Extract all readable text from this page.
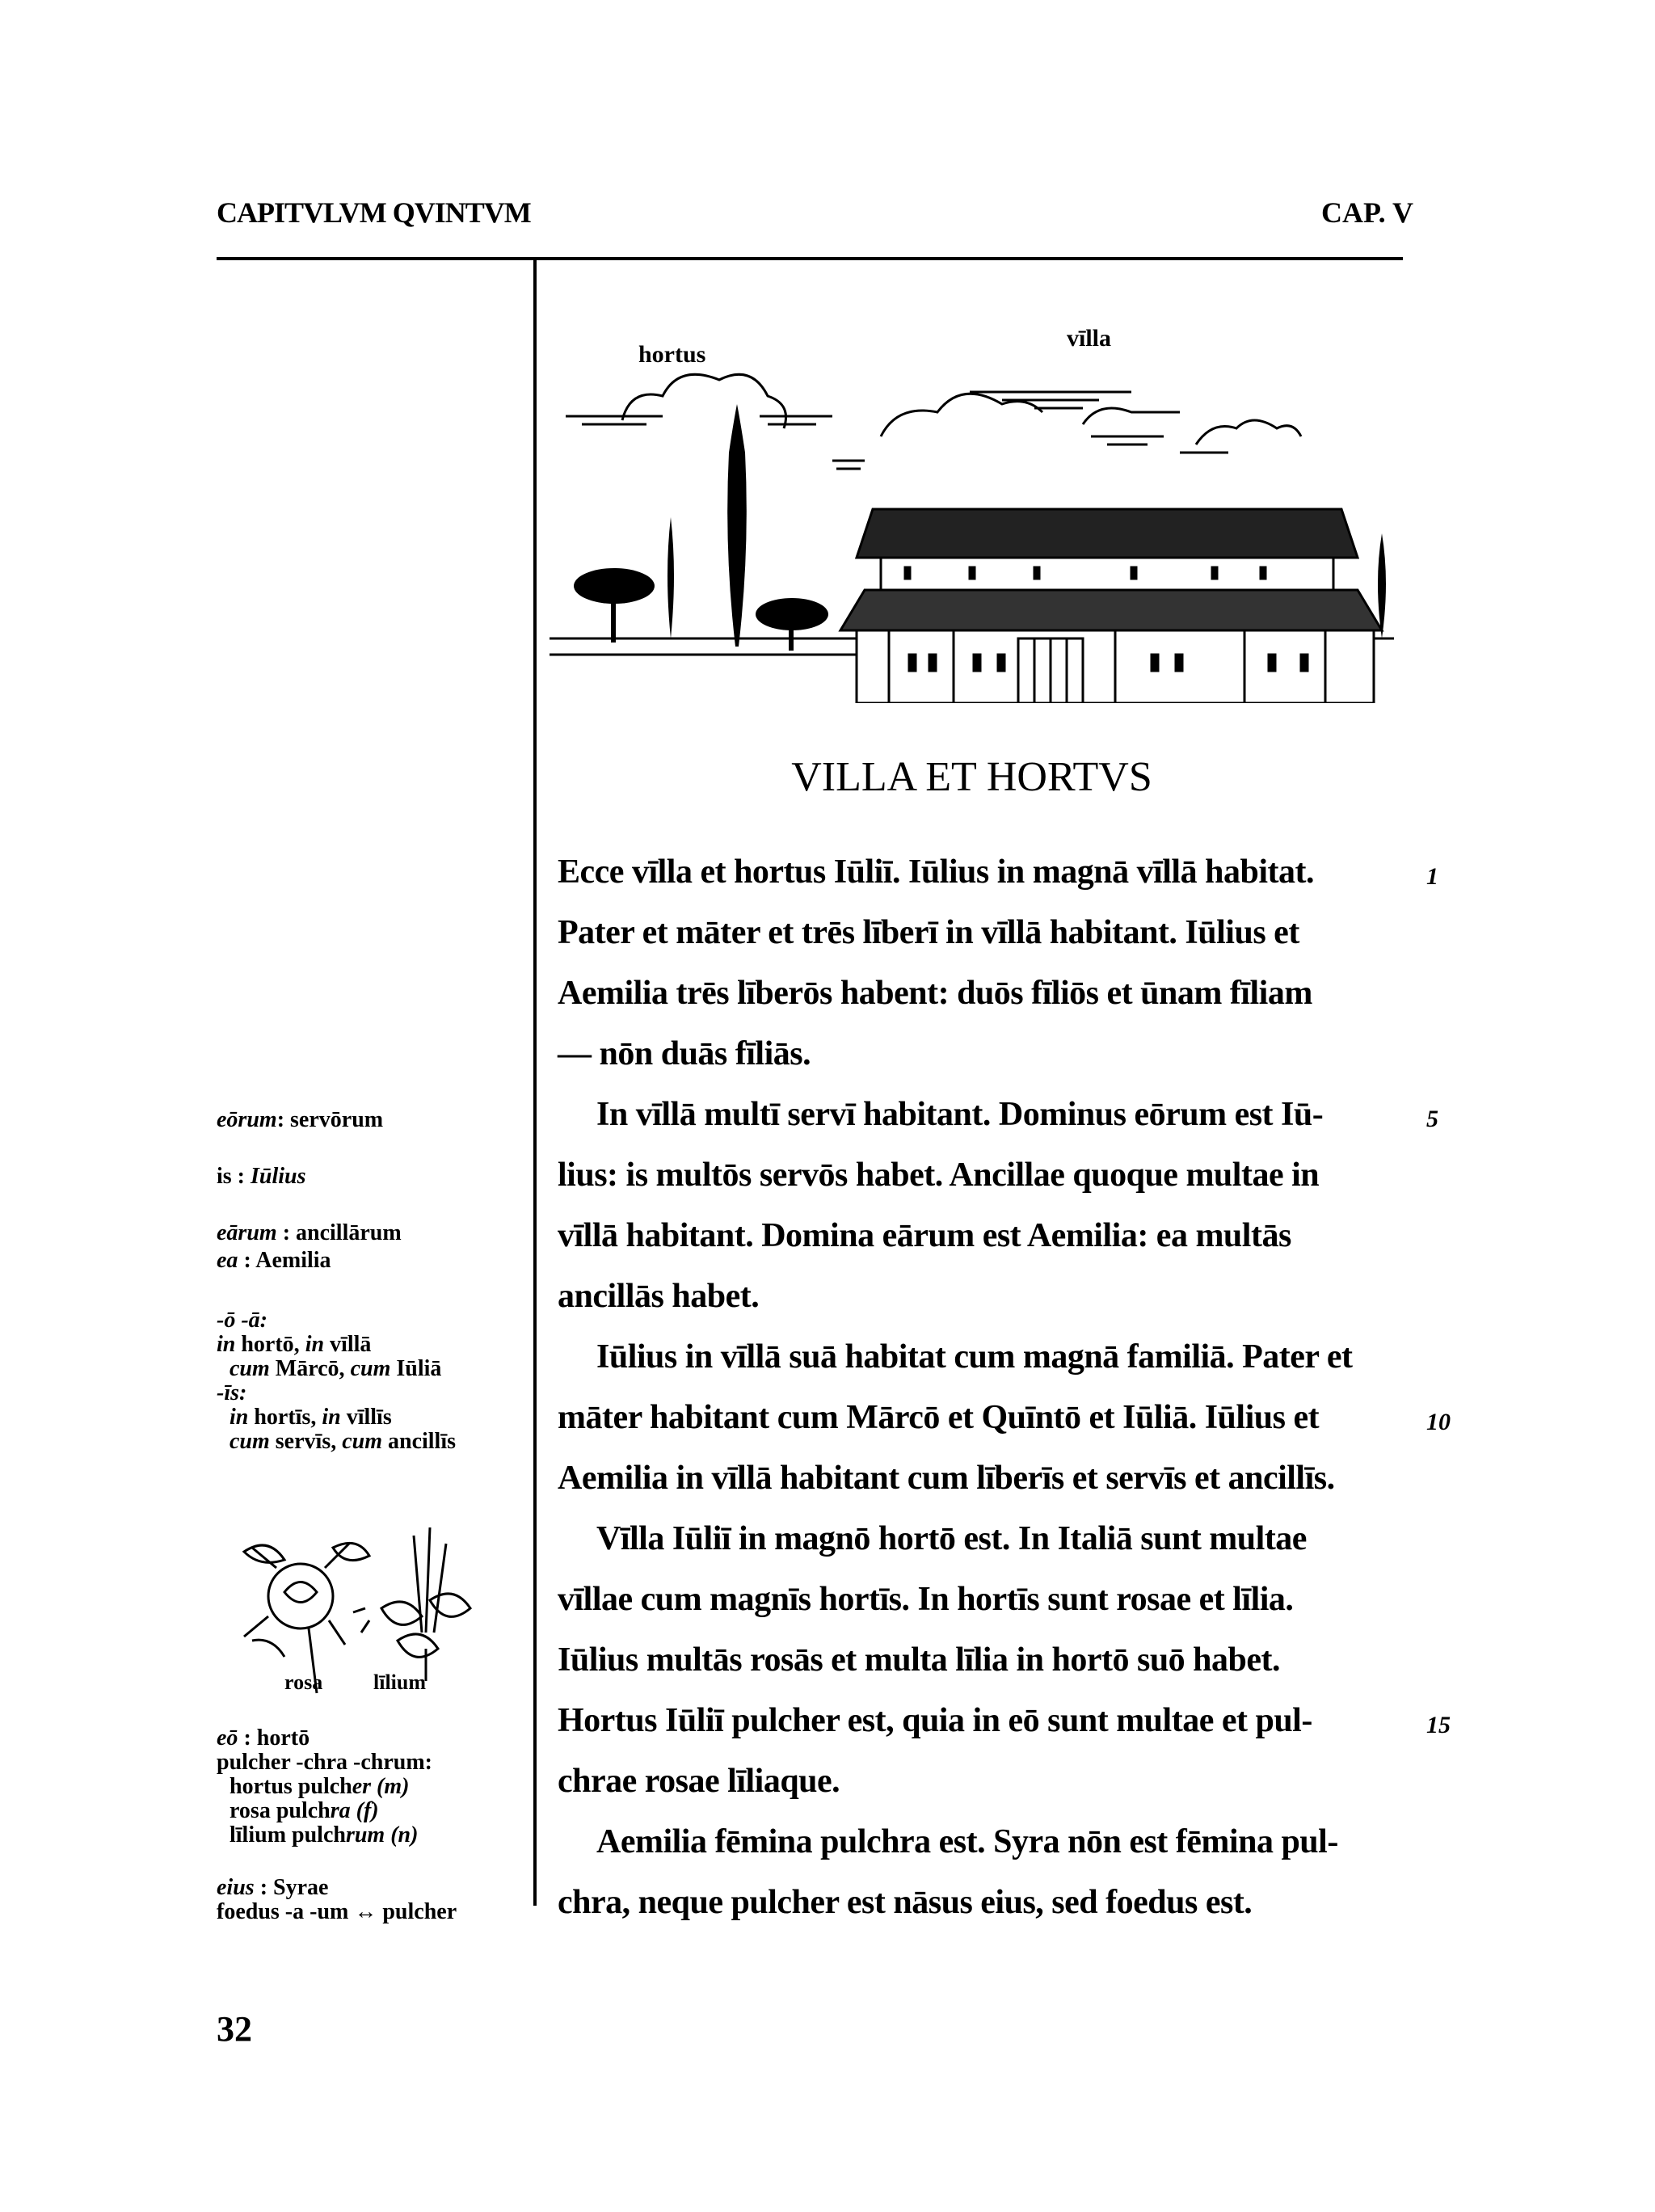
CAPITVLVM QVINTVM	CAP. V
hortus
vīlla
VILLA ET HORTVS
Ecce vīlla et hortus Iūliī. Iūlius in magnā vīllā habitat.
Pater et māter et trēs līberī in vīllā habitant. Iūlius et
Aemilia trēs līberōs habent: duōs fīliōs et ūnam fīliam
— nōn duās fīliās.
In vīllā multī servī habitant. Dominus eōrum est Iū-
lius: is multōs servōs habet. Ancillae quoque multae in
vīllā habitant. Domina eārum est Aemilia: ea multās
ancillās habet.
Iūlius in vīllā suā habitat cum magnā familiā. Pater et
māter habitant cum Mārcō et Quīntō et Iūliā. Iūlius et
Aemilia in vīllā habitant cum līberīs et servīs et ancillīs.
Vīlla Iūliī in magnō hortō est. In Italiā sunt multae
vīllae cum magnīs hortīs. In hortīs sunt rosae et līlia.
Iūlius multās rosās et multa līlia in hortō suō habet.
Hortus Iūliī pulcher est, quia in eō sunt multae et pul-
chrae rosae līliaque.
Aemilia fēmina pulchra est. Syra nōn est fēmina pul-
chra, neque pulcher est nāsus eius, sed foedus est.
1
5
10
15
eōrum: servōrum
is : Iūlius
eārum : ancillārum
ea : Aemilia
-ō -ā:
in hortō, in vīllā
cum Mārcō, cum Iūliā
-īs:
in hortīs, in vīllīs
cum servīs, cum ancillīs
rosa līlium
eō : hortō
pulcher -chra -chrum:
hortus pulcher (m)
rosa pulchra (f)
līlium pulchrum (n)
eius : Syrae
foedus -a -um ↔ pulcher
32
